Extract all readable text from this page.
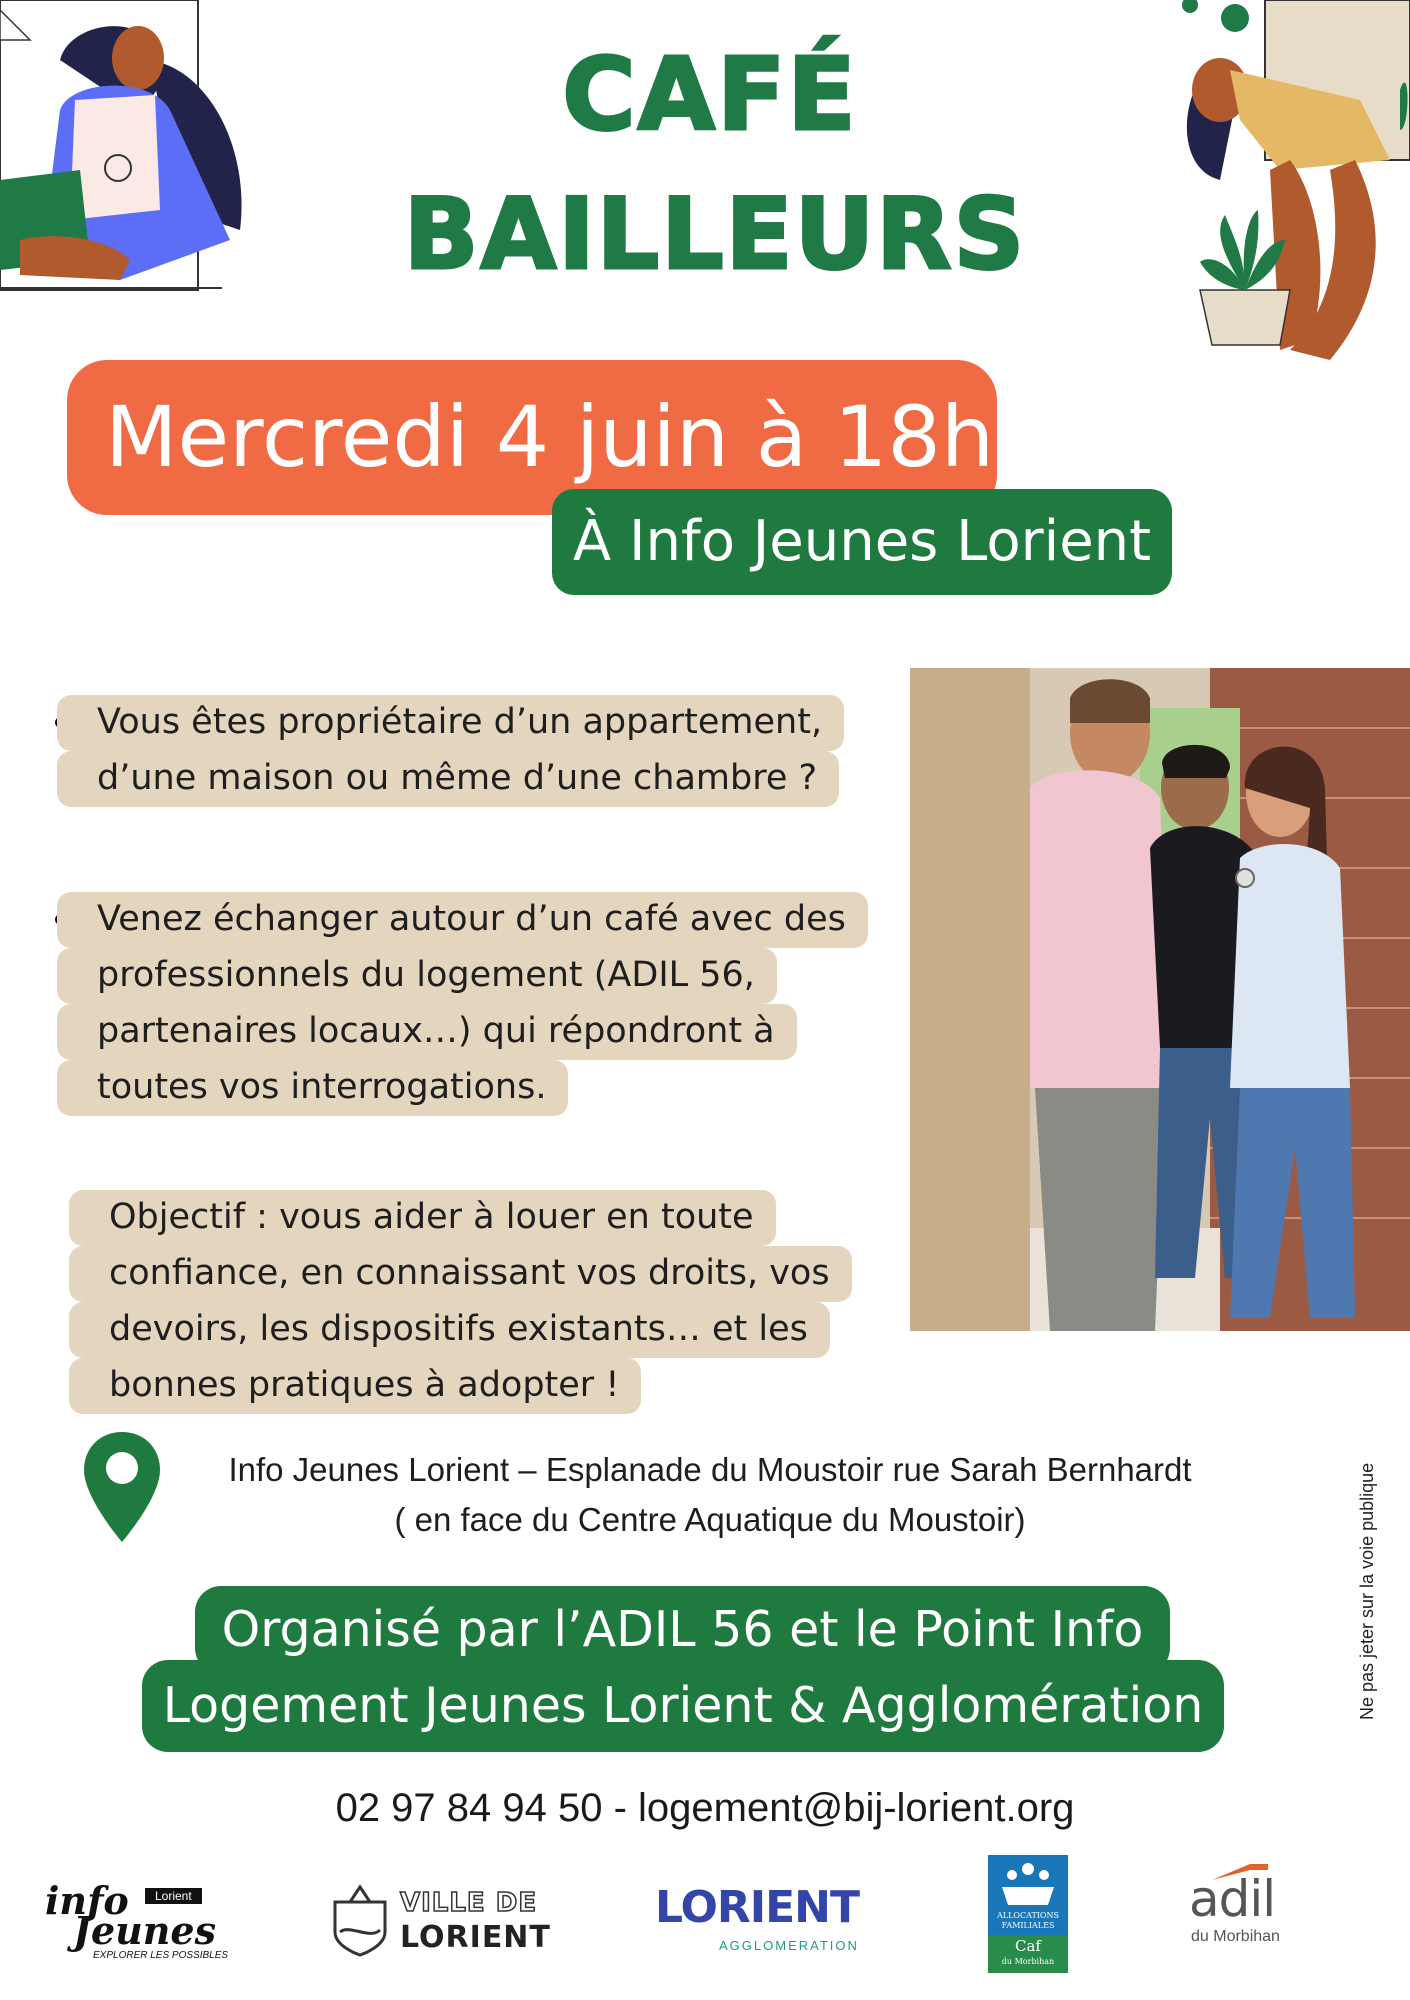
CAFÉ
BAILLEURS
Mercredi 4 juin à 18h
À Info Jeunes Lorient
Vous êtes propriétaire d’un appartement,
d’une maison ou même d’une chambre ?
Venez échanger autour d’un café avec des
professionnels du logement (ADIL 56,
partenaires locaux…) qui répondront à
toutes vos interrogations.
Objectif : vous aider à louer en toute
confiance, en connaissant vos droits, vos
devoirs, les dispositifs existants… et les
bonnes pratiques à adopter !
Info Jeunes Lorient – Esplanade du Moustoir rue Sarah Bernhardt
( en face du Centre Aquatique du Moustoir)
Organisé par l’ADIL 56 et le Point Info
Logement Jeunes Lorient & Agglomération
02 97 84 94 50 - logement@bij-lorient.org
Ne pas jeter sur la voie publique
info	Lorient
Jeunes
EXPLORER LES POSSIBLES
VILLE DE
LORIENT
LORIENT
AGGLOMERATION
ALLOCATIONS
FAMILIALES
Caf
du Morbihan
adil
du Morbihan
